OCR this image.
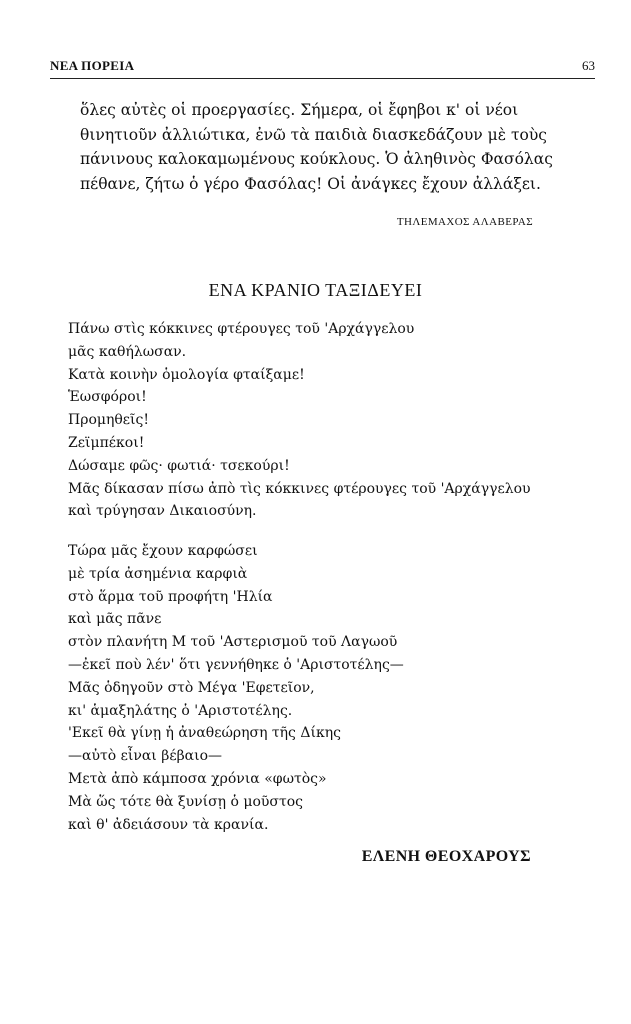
ΝΕΑ ΠΟΡΕΙΑ	63
ὅλες αὐτὲς οἱ προεργασίες. Σήμερα, οἱ ἔφηβοι κ' οἱ νέοι
θινητιοῦν ἀλλιώτικα, ἐνῶ τὰ παιδιὰ διασκεδάζουν μὲ τοὺς
πάνινους καλοκαμωμένους κούκλους. Ὁ ἀληθινὸς Φασόλας
πέθανε, ζήτω ὁ γέρο Φασόλας! Οἱ ἀνάγκες ἔχουν ἀλλάξει.
ΤΗΛΕΜΑΧΟΣ ΑΛΑΒΕΡΑΣ
ΕΝΑ ΚΡΑΝΙΟ ΤΑΞΙΔΕΥΕΙ
Πάνω στὶς κόκκινες φτέρουγες τοῦ 'Αρχάγγελου
μᾶς καθήλωσαν.
Κατὰ κοινὴν ὁμολογία φταίξαμε!
Ἑωσφόροι!
Προμηθεῖς!
Ζεϊμπέκοι!
Δώσαμε φῶς· φωτιά· τσεκούρι!
Μᾶς δίκασαν πίσω ἀπὸ τὶς κόκκινες φτέρουγες τοῦ 'Αρχάγγελου
καὶ τρύγησαν Δικαιοσύνη.
Τώρα μᾶς ἔχουν καρφώσει
μὲ τρία ἀσημένια καρφιὰ
στὸ ἅρμα τοῦ προφήτη 'Ηλία
καὶ μᾶς πᾶνε
στὸν πλανήτη Μ τοῦ 'Αστερισμοῦ τοῦ Λαγωοῦ
—ἐκεῖ ποὺ λέν' ὅτι γεννήθηκε ὁ 'Αριστοτέλης—
Μᾶς ὁδηγοῦν στὸ Μέγα 'Εφετεῖον,
κι' ἁμαξηλάτης ὁ 'Αριστοτέλης.
'Εκεῖ θὰ γίνῃ ἡ ἀναθεώρηση τῆς Δίκης
—αὐτὸ εἶναι βέβαιο—
Μετὰ ἀπὸ κάμποσα χρόνια «φωτὸς»
Μὰ ὥς τότε θὰ ξυνίσῃ ὁ μοῦστος
καὶ θ' ἀδειάσουν τὰ κρανία.
ΕΛΕΝΗ ΘΕΟΧΑΡΟΥΣ
